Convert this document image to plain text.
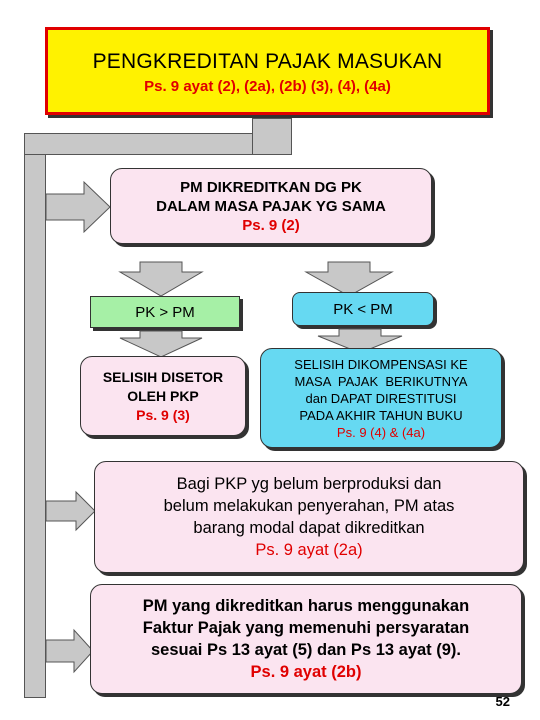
PENGKREDITAN PAJAK MASUKAN
Ps. 9 ayat (2), (2a), (2b) (3), (4), (4a)
PM DIKREDITKAN DG PK
DALAM MASA PAJAK YG SAMA
Ps. 9 (2)
PK > PM	PK < PM
SELISIH DISETOR
OLEH PKP
Ps. 9 (3)
SELISIH DIKOMPENSASI KE
MASA  PAJAK  BERIKUTNYA
dan DAPAT DIRESTITUSI
PADA AKHIR TAHUN BUKU
Ps. 9 (4) & (4a)
Bagi PKP yg belum berproduksi dan
belum melakukan penyerahan, PM atas
barang modal dapat dikreditkan
Ps. 9 ayat (2a)
PM yang dikreditkan harus menggunakan
Faktur Pajak yang memenuhi persyaratan
sesuai Ps 13 ayat (5) dan Ps 13 ayat (9).
Ps. 9 ayat (2b)
52
